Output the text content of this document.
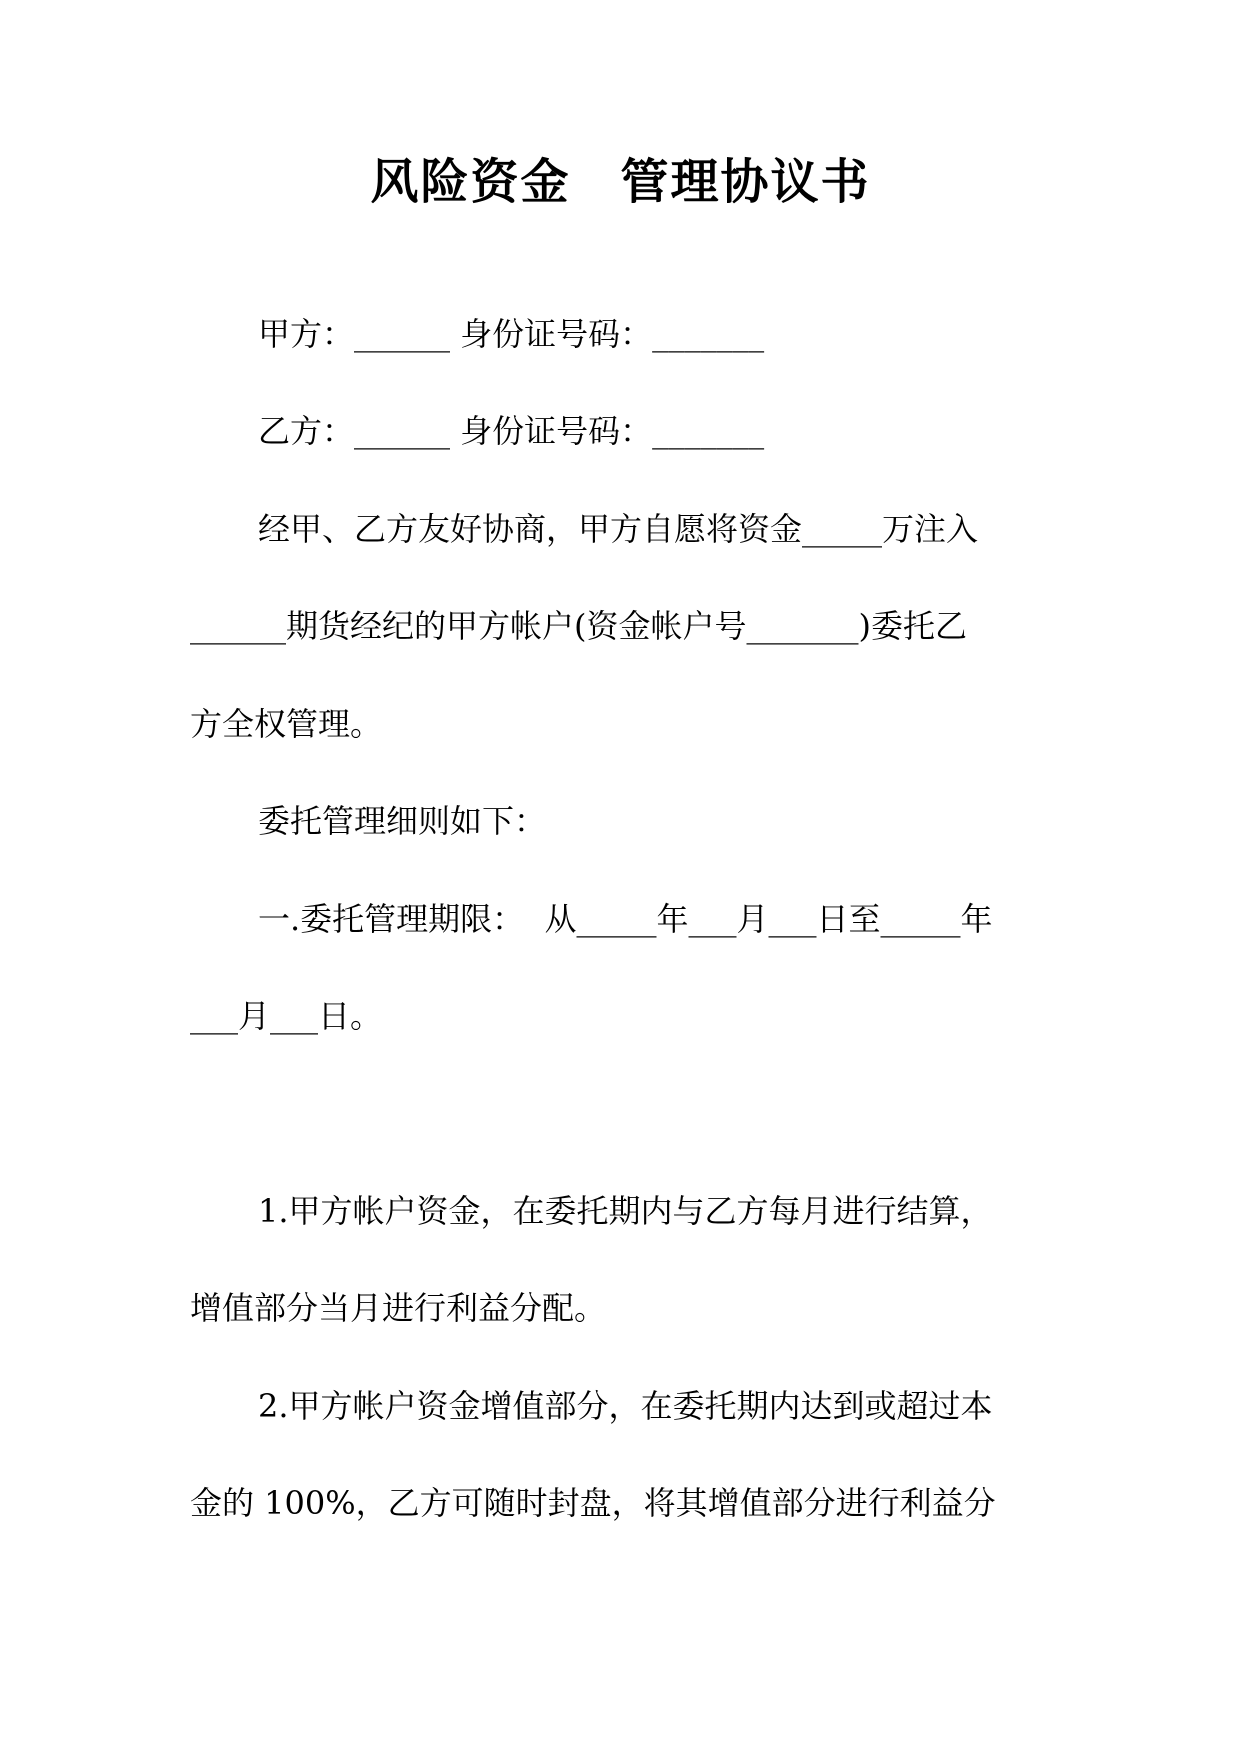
风险资金　管理协议书
甲方：______ 身份证号码：_______
乙方：______ 身份证号码：_______
经甲、乙方友好协商，甲方自愿将资金_____万注入
______期货经纪的甲方帐户(资金帐户号_______)委托乙
方全权管理。
委托管理细则如下：
一.委托管理期限：  从_____年___月___日至_____年
___月___日。
1.甲方帐户资金，在委托期内与乙方每月进行结算，
增值部分当月进行利益分配。
2.甲方帐户资金增值部分，在委托期内达到或超过本
金的 100%，乙方可随时封盘，将其增值部分进行利益分
